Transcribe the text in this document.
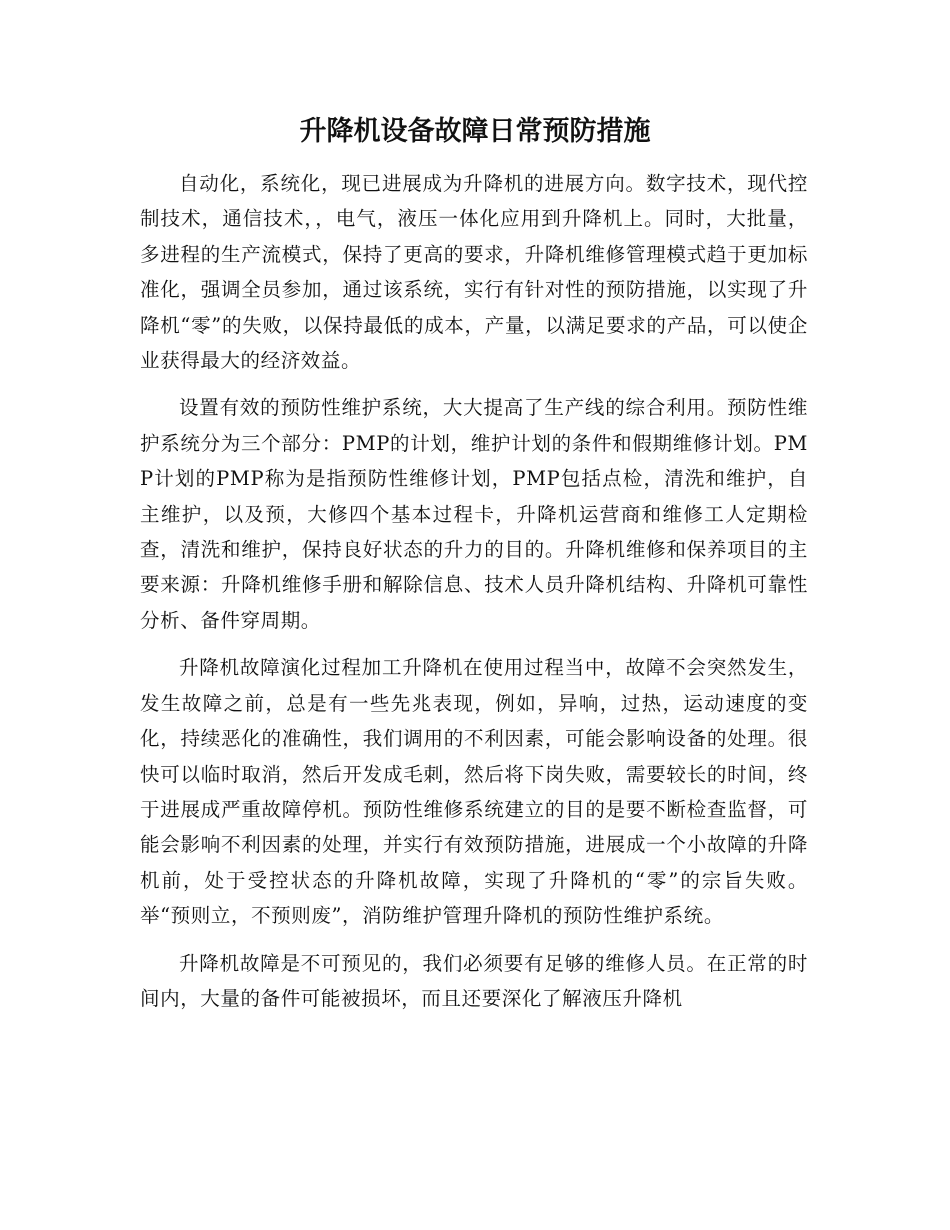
升降机设备故障日常预防措施

自动化，系统化，现已进展成为升降机的进展方向。数字技术，现代控制技术，通信技术，，电气，液压一体化应用到升降机上。同时，大批量，多进程的生产流模式，保持了更高的要求，升降机维修管理模式趋于更加标准化，强调全员参加，通过该系统，实行有针对性的预防措施，以实现了升降机“零”的失败，以保持最低的成本，产量，以满足要求的产品，可以使企业获得最大的经济效益。

设置有效的预防性维护系统，大大提高了生产线的综合利用。预防性维护系统分为三个部分：PMP的计划，维护计划的条件和假期维修计划。PMP计划的PMP称为是指预防性维修计划，PMP包括点检，清洗和维护，自主维护，以及预，大修四个基本过程卡，升降机运营商和维修工人定期检查，清洗和维护，保持良好状态的升力的目的。升降机维修和保养项目的主要来源：升降机维修手册和解除信息、技术人员升降机结构、升降机可靠性分析、备件穿周期。

升降机故障演化过程加工升降机在使用过程当中，故障不会突然发生，发生故障之前，总是有一些先兆表现，例如，异响，过热，运动速度的变化，持续恶化的准确性，我们调用的不利因素，可能会影响设备的处理。很快可以临时取消，然后开发成毛刺，然后将下岗失败，需要较长的时间，终于进展成严重故障停机。预防性维修系统建立的目的是要不断检查监督，可能会影响不利因素的处理，并实行有效预防措施，进展成一个小故障的升降机前，处于受控状态的升降机故障，实现了升降机的“零”的宗旨失败。举“预则立，不预则废”，消防维护管理升降机的预防性维护系统。

升降机故障是不可预见的，我们必须要有足够的维修人员。在正常的时间内，大量的备件可能被损坏，而且还要深化了解液压升降机
